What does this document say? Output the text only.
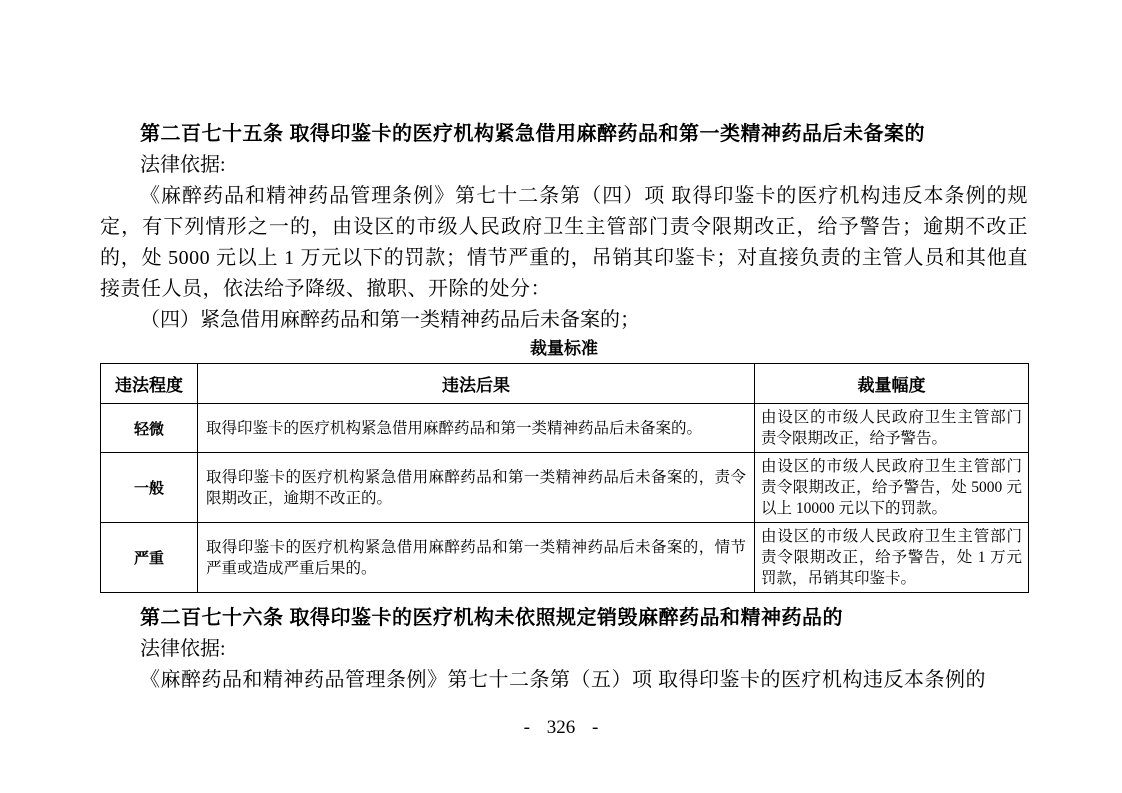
第二百七十五条 取得印鉴卡的医疗机构紧急借用麻醉药品和第一类精神药品后未备案的

法律依据:

《麻醉药品和精神药品管理条例》第七十二条第（四）项 取得印鉴卡的医疗机构违反本条例的规定，有下列情形之一的，由设区的市级人民政府卫生主管部门责令限期改正，给予警告；逾期不改正的，处 5000 元以上 1 万元以下的罚款；情节严重的，吊销其印鉴卡；对直接负责的主管人员和其他直接责任人员，依法给予降级、撤职、开除的处分：

（四）紧急借用麻醉药品和第一类精神药品后未备案的；

裁量标准
违法程度	违法后果	裁量幅度
轻微	取得印鉴卡的医疗机构紧急借用麻醉药品和第一类精神药品后未备案的。	由设区的市级人民政府卫生主管部门责令限期改正，给予警告。
一般	取得印鉴卡的医疗机构紧急借用麻醉药品和第一类精神药品后未备案的，责令限期改正，逾期不改正的。	由设区的市级人民政府卫生主管部门责令限期改正，给予警告，处 5000 元以上 10000 元以下的罚款。
严重	取得印鉴卡的医疗机构紧急借用麻醉药品和第一类精神药品后未备案的，情节严重或造成严重后果的。	由设区的市级人民政府卫生主管部门责令限期改正，给予警告，处 1 万元罚款，吊销其印鉴卡。
第二百七十六条 取得印鉴卡的医疗机构未依照规定销毁麻醉药品和精神药品的

法律依据:

《麻醉药品和精神药品管理条例》第七十二条第（五）项 取得印鉴卡的医疗机构违反本条例的

- 326 -
